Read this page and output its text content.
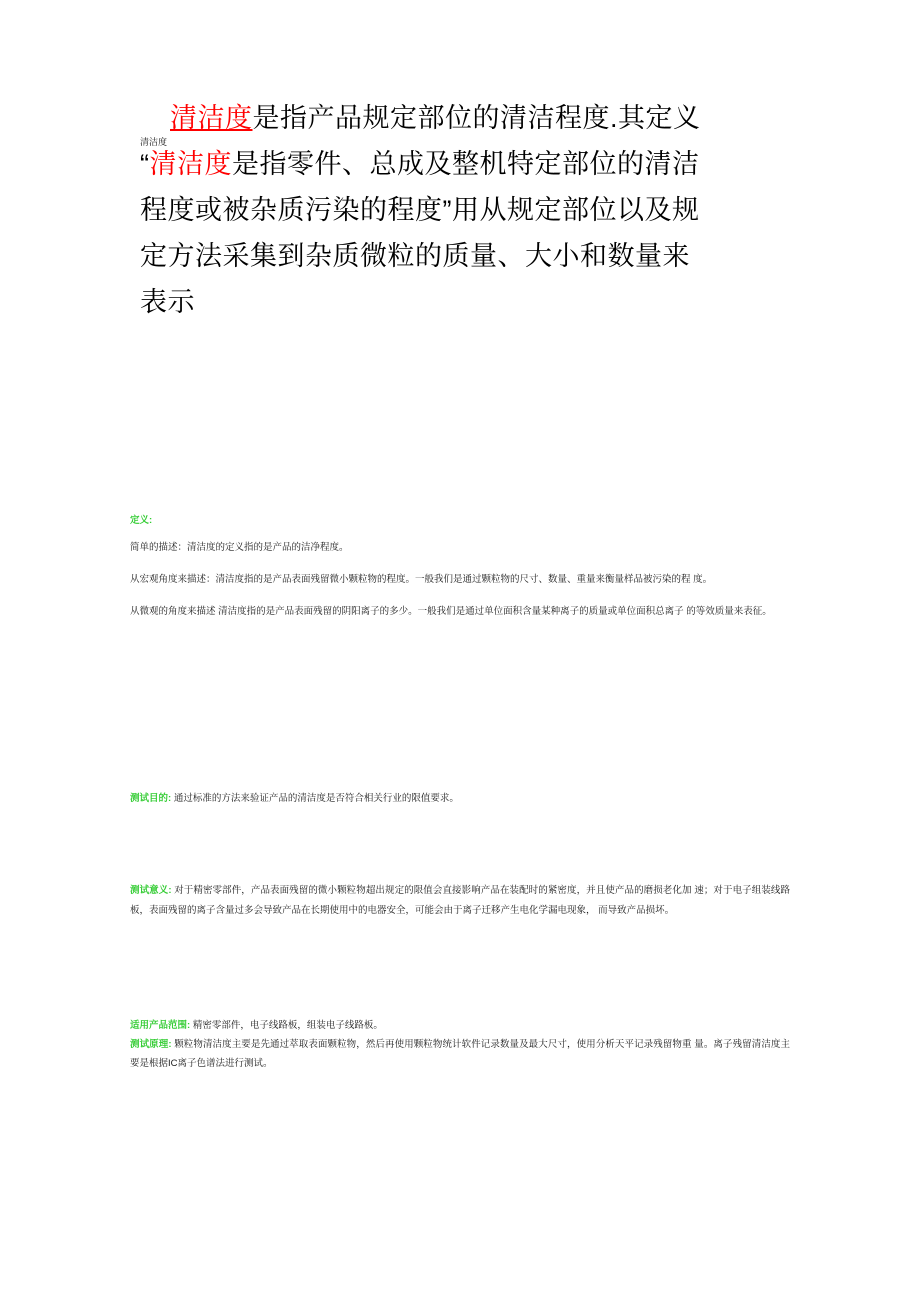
清洁度是指产品规定部位的清洁程度.其定义
清洁度
“清洁度是指零件、总成及整机特定部位的清洁
程度或被杂质污染的程度”用从规定部位以及规
定方法采集到杂质微粒的质量、大小和数量来
表示
定义:
简单的描述：清洁度的定义指的是产品的洁净程度。
从宏观角度来描述：清洁度指的是产品表面残留微小颗粒物的程度。一般我们是通过颗粒物的尺寸、数量、重量来衡量样品被污染的程 度。
从微观的角度来描述 清洁度指的是产品表面残留的阴阳离子的多少。一般我们是通过单位面积含量某种离子的质量或单位面积总离子 的等效质量来表征。
测试目的: 通过标准的方法来验证产品的清洁度是否符合相关行业的限值要求。
测试意义: 对于精密零部件，产品表面残留的微小颗粒物超出规定的限值会直接影响产品在装配时的紧密度，并且使产品的磨损老化加 速；对于电子组装线路板，表面残留的离子含量过多会导致产品在长期使用中的电器安全，可能会由于离子迁移产生电化学漏电现象， 而导致产品损坏。
适用产品范围: 精密零部件，电子线路板，组装电子线路板。
测试原理: 颗粒物清洁度主要是先通过萃取表面颗粒物，然后再使用颗粒物统计软件记录数量及最大尺寸，使用分析天平记录残留物重 量。离子残留清洁度主要是根据IC离子色谱法进行测试。
